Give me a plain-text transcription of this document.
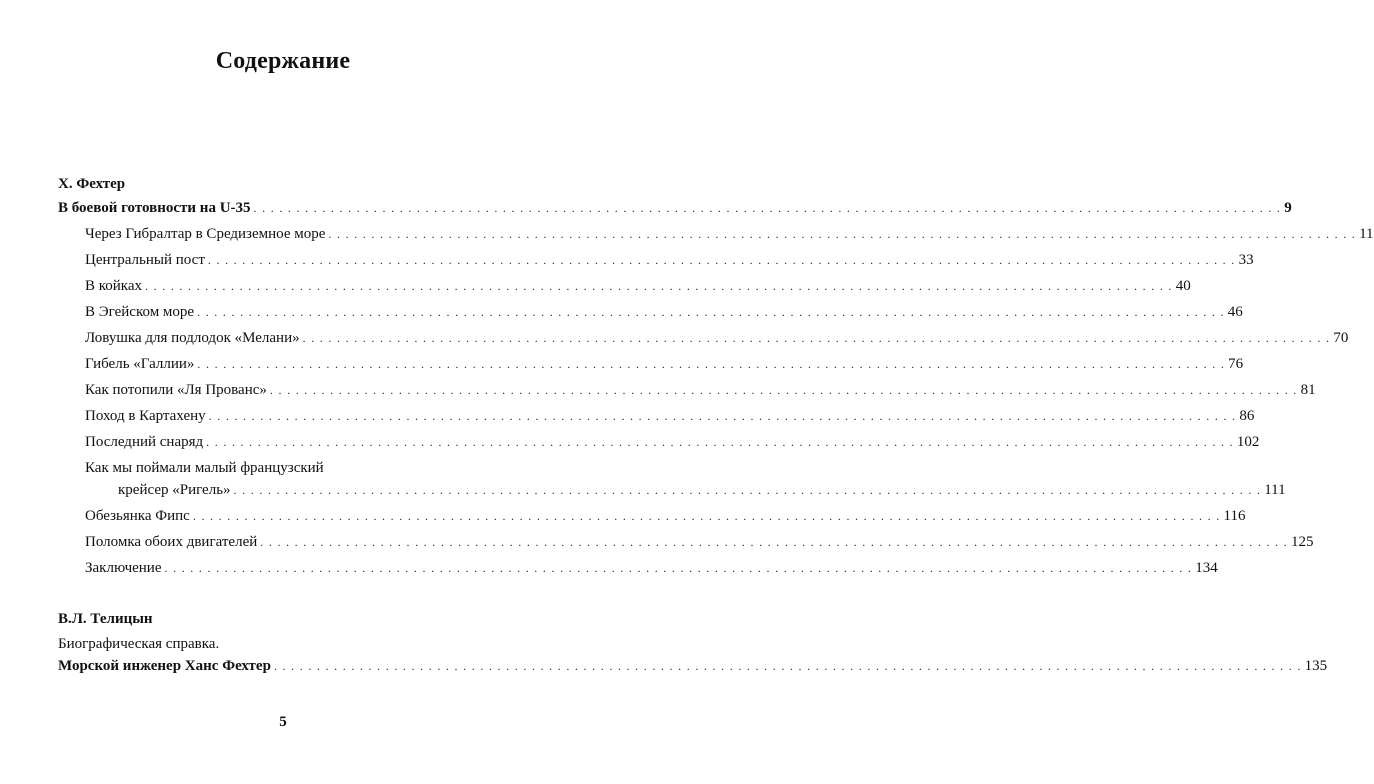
Содержание
Х. Фехтер
В боевой готовности на U-35 . . . . . . . . . . . . . . . . . . . . . . . . . . . . . . . . . . . . . . . . . . . . . . . . . . . . . . . . . . . . . . . . . . . . . . . . . . . . . . . . . . . . . . . . . . . . . . . . . . . . . . . . . . . . . . . . . . . . . . . . 9
Через Гибралтар в Средиземное море . . . . . . . . . . . . . . . . . . . . . . . . . . . . . . . . . . . . . . . . . . . . . . . . . . . . . . . . . . . . . . . . . . . . . . . . . . . . . . . . . . . . . . . . . . . . . . . . . . . . . . . . . . . . . . . . . . . . . . . . 11
Центральный пост . . . . . . . . . . . . . . . . . . . . . . . . . . . . . . . . . . . . . . . . . . . . . . . . . . . . . . . . . . . . . . . . . . . . . . . . . . . . . . . . . . . . . . . . . . . . . . . . . . . . . . . . . . . . . . . . . . . . . . . . 33
В койках . . . . . . . . . . . . . . . . . . . . . . . . . . . . . . . . . . . . . . . . . . . . . . . . . . . . . . . . . . . . . . . . . . . . . . . . . . . . . . . . . . . . . . . . . . . . . . . . . . . . . . . . . . . . . . . . . . . . . . . . 40
В Эгейском море . . . . . . . . . . . . . . . . . . . . . . . . . . . . . . . . . . . . . . . . . . . . . . . . . . . . . . . . . . . . . . . . . . . . . . . . . . . . . . . . . . . . . . . . . . . . . . . . . . . . . . . . . . . . . . . . . . . . . . . . 46
Ловушка для подлодок «Мелани» . . . . . . . . . . . . . . . . . . . . . . . . . . . . . . . . . . . . . . . . . . . . . . . . . . . . . . . . . . . . . . . . . . . . . . . . . . . . . . . . . . . . . . . . . . . . . . . . . . . . . . . . . . . . . . . . . . . . . . . . 70
Гибель «Галлии» . . . . . . . . . . . . . . . . . . . . . . . . . . . . . . . . . . . . . . . . . . . . . . . . . . . . . . . . . . . . . . . . . . . . . . . . . . . . . . . . . . . . . . . . . . . . . . . . . . . . . . . . . . . . . . . . . . . . . . . . 76
Как потопили «Ля Прованс» . . . . . . . . . . . . . . . . . . . . . . . . . . . . . . . . . . . . . . . . . . . . . . . . . . . . . . . . . . . . . . . . . . . . . . . . . . . . . . . . . . . . . . . . . . . . . . . . . . . . . . . . . . . . . . . . . . . . . . . . 81
Поход в Картахену . . . . . . . . . . . . . . . . . . . . . . . . . . . . . . . . . . . . . . . . . . . . . . . . . . . . . . . . . . . . . . . . . . . . . . . . . . . . . . . . . . . . . . . . . . . . . . . . . . . . . . . . . . . . . . . . . . . . . . . . 86
Последний снаряд . . . . . . . . . . . . . . . . . . . . . . . . . . . . . . . . . . . . . . . . . . . . . . . . . . . . . . . . . . . . . . . . . . . . . . . . . . . . . . . . . . . . . . . . . . . . . . . . . . . . . . . . . . . . . . . . . . . . . . . . 102
Как мы поймали малый французский
крейсер «Ригель» . . . . . . . . . . . . . . . . . . . . . . . . . . . . . . . . . . . . . . . . . . . . . . . . . . . . . . . . . . . . . . . . . . . . . . . . . . . . . . . . . . . . . . . . . . . . . . . . . . . . . . . . . . . . . . . . . . . . . . . . 111
Обезьянка Фипс . . . . . . . . . . . . . . . . . . . . . . . . . . . . . . . . . . . . . . . . . . . . . . . . . . . . . . . . . . . . . . . . . . . . . . . . . . . . . . . . . . . . . . . . . . . . . . . . . . . . . . . . . . . . . . . . . . . . . . . . 116
Поломка обоих двигателей . . . . . . . . . . . . . . . . . . . . . . . . . . . . . . . . . . . . . . . . . . . . . . . . . . . . . . . . . . . . . . . . . . . . . . . . . . . . . . . . . . . . . . . . . . . . . . . . . . . . . . . . . . . . . . . . . . . . . . . . 125
Заключение . . . . . . . . . . . . . . . . . . . . . . . . . . . . . . . . . . . . . . . . . . . . . . . . . . . . . . . . . . . . . . . . . . . . . . . . . . . . . . . . . . . . . . . . . . . . . . . . . . . . . . . . . . . . . . . . . . . . . . . . 134
В.Л. Телицын
Биографическая справка.
Морской инженер Ханс Фехтер . . . . . . . . . . . . . . . . . . . . . . . . . . . . . . . . . . . . . . . . . . . . . . . . . . . . . . . . . . . . . . . . . . . . . . . . . . . . . . . . . . . . . . . . . . . . . . . . . . . . . . . . . . . . . . . . . . . . . . . . 135
5
